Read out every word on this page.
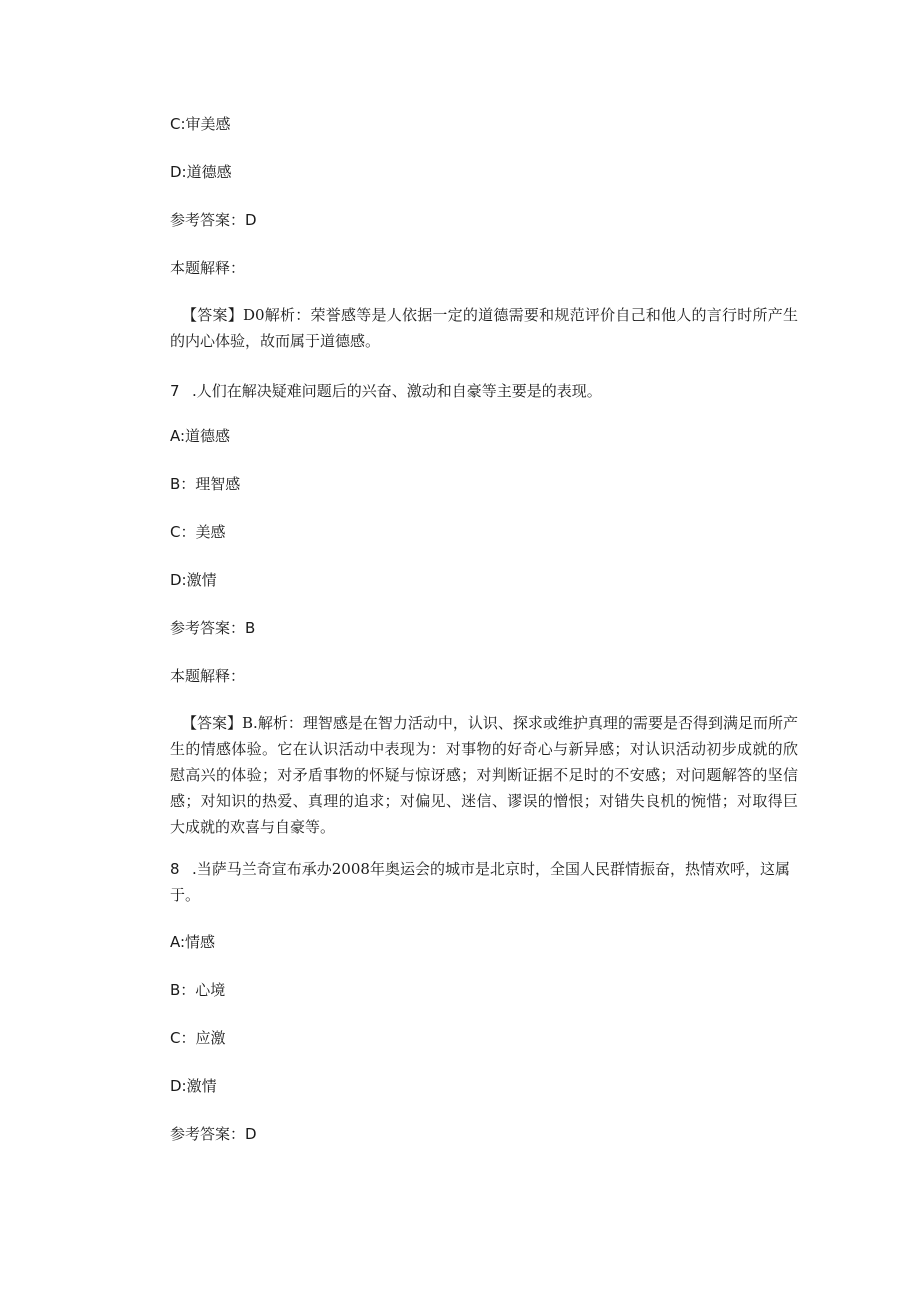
C:审美感

D:道德感

参考答案：D

本题解释：

【答案】D0解析：荣誉感等是人依据一定的道德需要和规范评价自己和他人的言行时所产生的内心体验，故而属于道德感。

7 .人们在解决疑难问题后的兴奋、激动和自豪等主要是的表现。

A:道德感

B：理智感

C：美感

D:激情

参考答案：B

本题解释：

【答案】B.解析：理智感是在智力活动中，认识、探求或维护真理的需要是否得到满足而所产生的情感体验。它在认识活动中表现为：对事物的好奇心与新异感；对认识活动初步成就的欣慰高兴的体验；对矛盾事物的怀疑与惊讶感；对判断证据不足时的不安感；对问题解答的坚信感；对知识的热爱、真理的追求；对偏见、迷信、谬误的憎恨；对错失良机的惋惜；对取得巨大成就的欢喜与自豪等。

8 .当萨马兰奇宣布承办2008年奥运会的城市是北京时，全国人民群情振奋，热情欢呼，这属于。

A:情感

B：心境

C：应激

D:激情

参考答案：D
